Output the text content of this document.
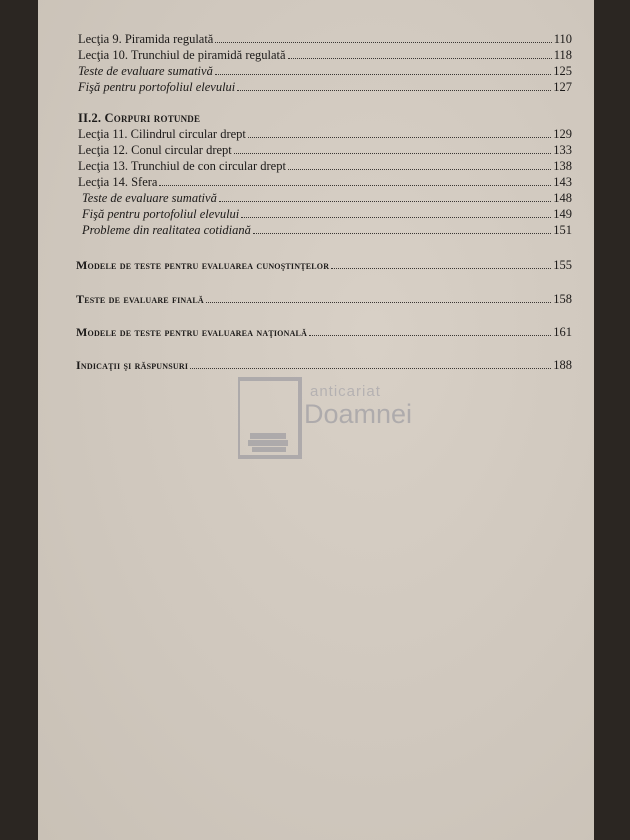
Lecţia 9. Piramida regulată	110
Lecţia 10. Trunchiul de piramidă regulată	118
Teste de evaluare sumativă	125
Fişă pentru portofoliul elevului	127
II.2. Corpuri rotunde
Lecţia 11. Cilindrul circular drept	129
Lecţia 12. Conul circular drept	133
Lecţia 13. Trunchiul de con circular drept	138
Lecţia 14. Sfera	143
Teste de evaluare sumativă	148
Fişă pentru portofoliul elevului	149
Probleme din realitatea cotidiană	151
Modele de teste pentru evaluarea cunoştinţelor	155
Teste de evaluare finală	158
Modele de teste pentru evaluarea naţională	161
Indicaţii şi răspunsuri	188
anticariat
Doamnei
